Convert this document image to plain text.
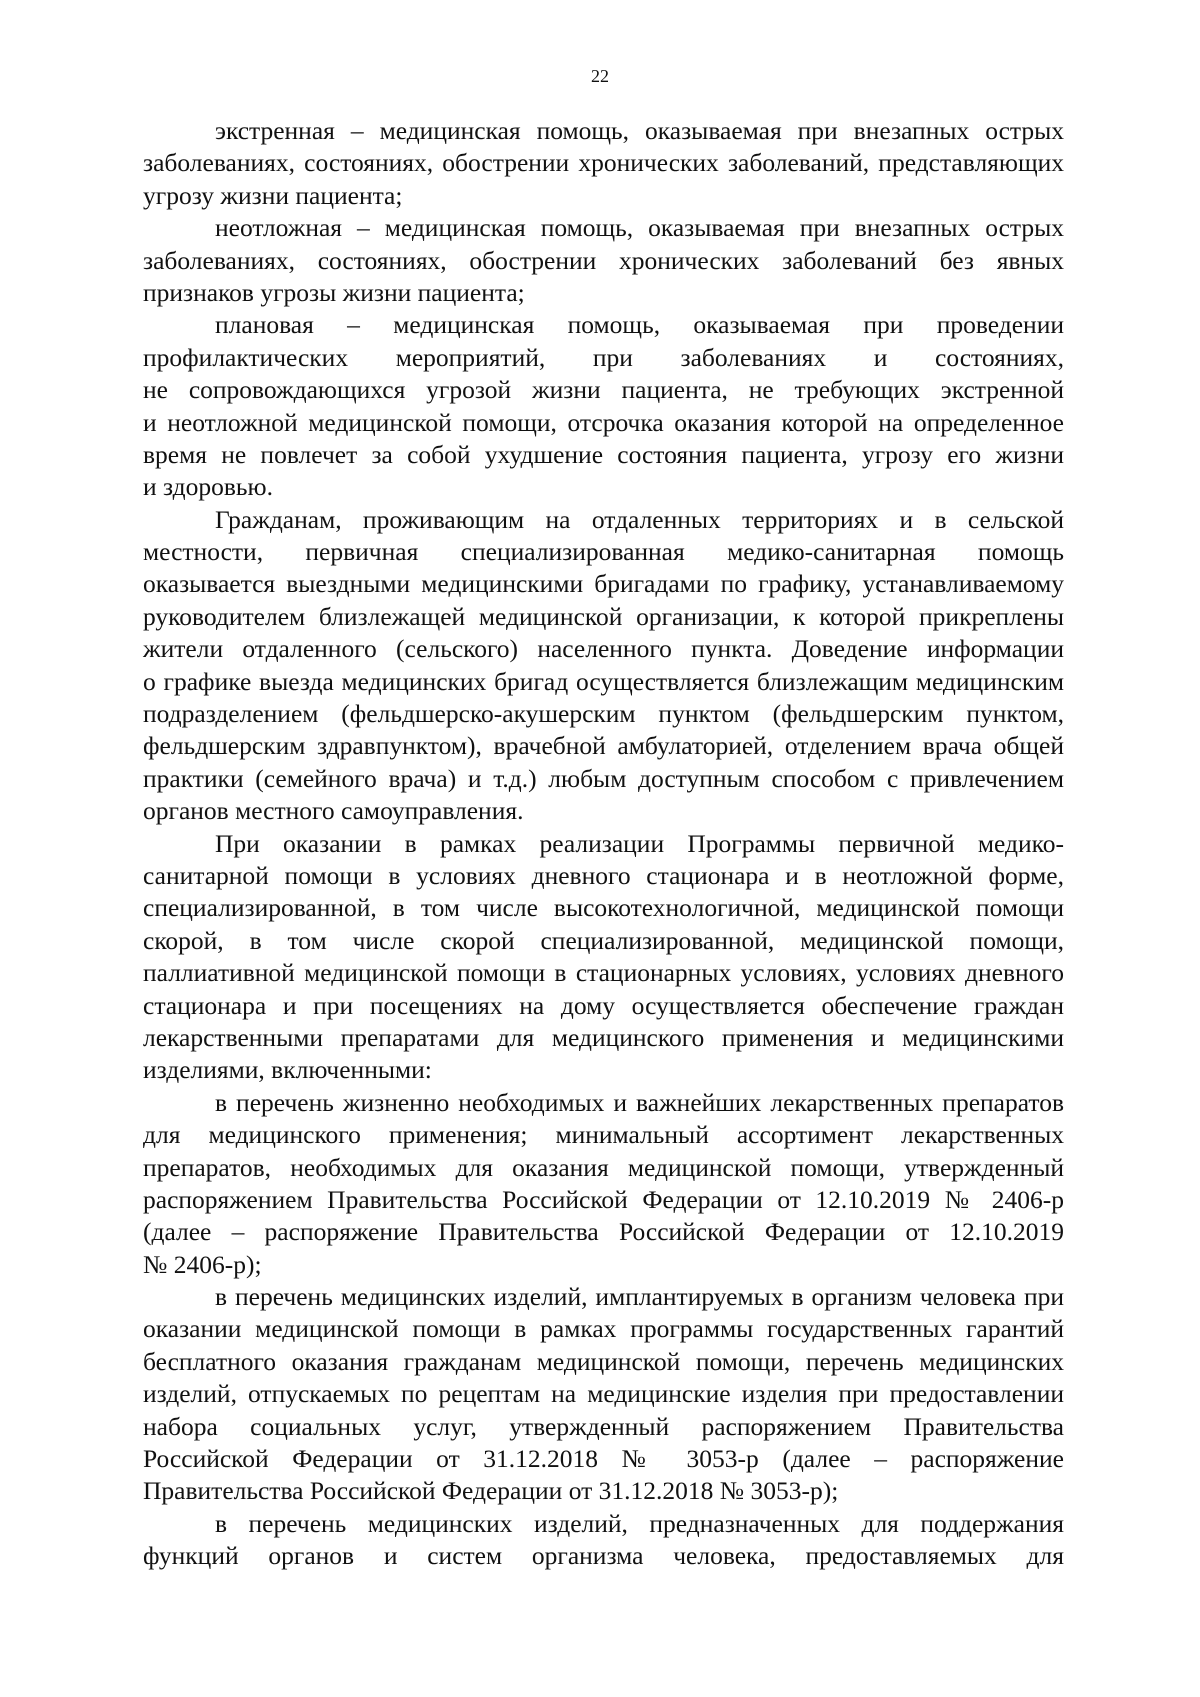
22
экстренная – медицинская помощь, оказываемая при внезапных острых
заболеваниях, состояниях, обострении хронических заболеваний, представляющих
угрозу жизни пациента;
неотложная – медицинская помощь, оказываемая при внезапных острых
заболеваниях, состояниях, обострении хронических заболеваний без явных
признаков угрозы жизни пациента;
плановая – медицинская помощь, оказываемая при проведении
профилактических мероприятий, при заболеваниях и состояниях,
не сопровождающихся угрозой жизни пациента, не требующих экстренной
и неотложной медицинской помощи, отсрочка оказания которой на определенное
время не повлечет за собой ухудшение состояния пациента, угрозу его жизни
и здоровью.
Гражданам, проживающим на отдаленных территориях и в сельской
местности, первичная специализированная медико-санитарная помощь
оказывается выездными медицинскими бригадами по графику, устанавливаемому
руководителем близлежащей медицинской организации, к которой прикреплены
жители отдаленного (сельского) населенного пункта. Доведение информации
о графике выезда медицинских бригад осуществляется близлежащим медицинским
подразделением (фельдшерско-акушерским пунктом (фельдшерским пунктом,
фельдшерским здравпунктом), врачебной амбулаторией, отделением врача общей
практики (семейного врача) и т.д.) любым доступным способом с привлечением
органов местного самоуправления.
При оказании в рамках реализации Программы первичной медико-
санитарной помощи в условиях дневного стационара и в неотложной форме,
специализированной, в том числе высокотехнологичной, медицинской помощи
скорой, в том числе скорой специализированной, медицинской помощи,
паллиативной медицинской помощи в стационарных условиях, условиях дневного
стационара и при посещениях на дому осуществляется обеспечение граждан
лекарственными препаратами для медицинского применения и медицинскими
изделиями, включенными:
в перечень жизненно необходимых и важнейших лекарственных препаратов
для медицинского применения; минимальный ассортимент лекарственных
препаратов, необходимых для оказания медицинской помощи, утвержденный
распоряжением Правительства Российской Федерации от 12.10.2019 № 2406-р
(далее – распоряжение Правительства Российской Федерации от 12.10.2019
№ 2406-р);
в перечень медицинских изделий, имплантируемых в организм человека при
оказании медицинской помощи в рамках программы государственных гарантий
бесплатного оказания гражданам медицинской помощи, перечень медицинских
изделий, отпускаемых по рецептам на медицинские изделия при предоставлении
набора социальных услуг, утвержденный распоряжением Правительства
Российской Федерации от 31.12.2018 № 3053-р (далее – распоряжение
Правительства Российской Федерации от 31.12.2018 № 3053-р);
в перечень медицинских изделий, предназначенных для поддержания
функций органов и систем организма человека, предоставляемых для
